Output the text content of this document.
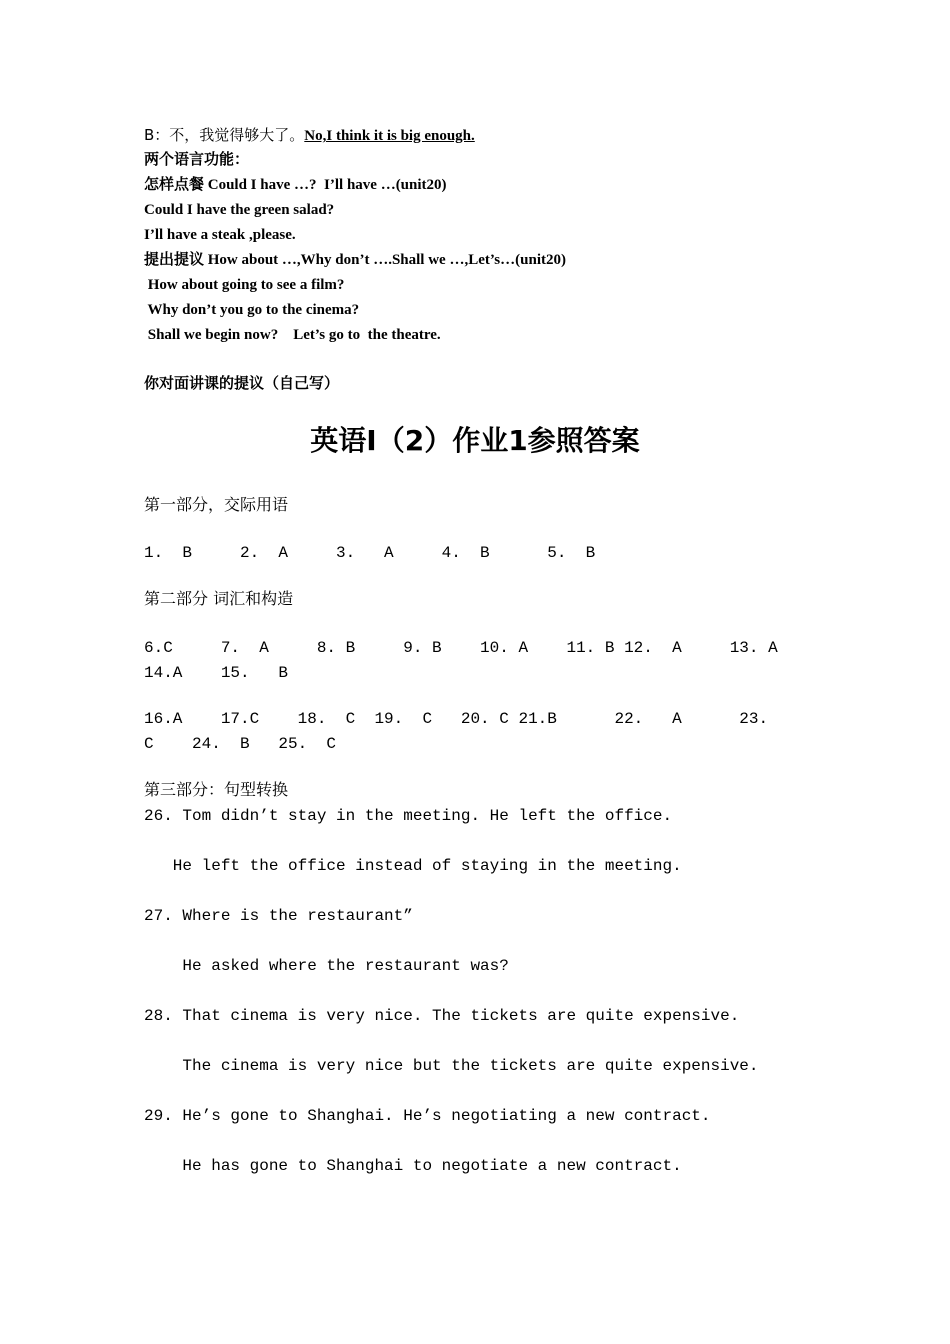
B：不，我觉得够大了。No,I think it is big enough.
两个语言功能：
怎样点餐 Could I have …?  I’ll have …(unit20)
Could I have the green salad?
I’ll have a steak ,please.
提出提议 How about …,Why don’t ….Shall we …,Let’s…(unit20)
How about going to see a film?
Why don’t you go to the cinema?
Shall we begin now?    Let’s go to  the theatre.
你对面讲课的提议（自己写）
英语Ⅰ（2）作业1参照答案
第一部分，交际用语
1.  B     2.  A     3.   A     4.  B      5.  B
第二部分 词汇和构造
6.C     7.  A     8. B     9. B    10. A    11. B 12.  A     13. A
14.A    15.   B
16.A    17.C    18.  C  19.  C   20. C 21.B      22.   A      23.
C    24.  B   25.  C
第三部分：句型转换
26. Tom didn’t stay in the meeting. He left the office.
He left the office instead of staying in the meeting.
27. Where is the restaurant”
He asked where the restaurant was?
28. That cinema is very nice. The tickets are quite expensive.
The cinema is very nice but the tickets are quite expensive.
29. He’s gone to Shanghai. He’s negotiating a new contract.
He has gone to Shanghai to negotiate a new contract.
